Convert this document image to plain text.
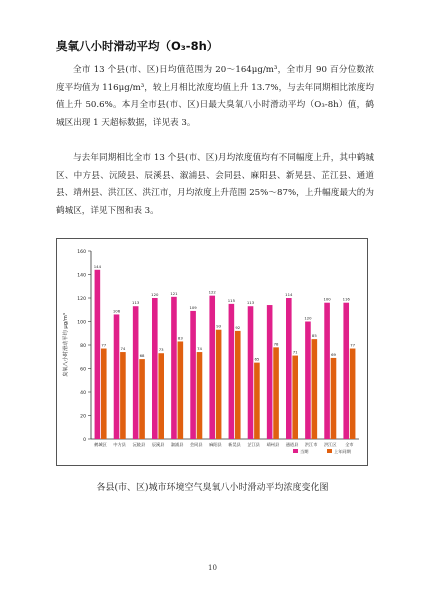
臭氧八小时滑动平均（O₃-8h）
全市 13 个县(市、区)日均值范围为 20～164μg/m³，全市月 90 百分位数浓度平均值为 116μg/m³，较上月相比浓度均值上升 13.7%，与去年同期相比浓度均值上升 50.6%。本月全市县(市、区)日最大臭氧八小时滑动平均（O₃-8h）值，鹤城区出现 1 天超标数据，详见表 3。
与去年同期相比全市 13 个县(市、区)月均浓度值均有不同幅度上升，其中鹤城区、中方县、沅陵县、辰溪县、溆浦县、会同县、麻阳县、新晃县、芷江县、通道县、靖州县、洪江区、洪江市，月均浓度上升范围 25%～87%，上升幅度最大的为鹤城区，详见下图和表 3。
0
20
40
60
80
100
120
140
160
臭氧八小时滑动平均 μg/m³
144
77
鹤城区
106
74
中方县
113
68
沅陵县
120
73
辰溪县
121
83
溆浦县
109
74
会同县
122
93
麻阳县
115
92
新晃县
113
65
芷江县
78
靖州县
114
71
通道县
120
85
洪江市
100
69
洪江区
116
77
全市
当期	上年同期
各县(市、区)城市环境空气臭氧八小时滑动平均浓度变化图
10
